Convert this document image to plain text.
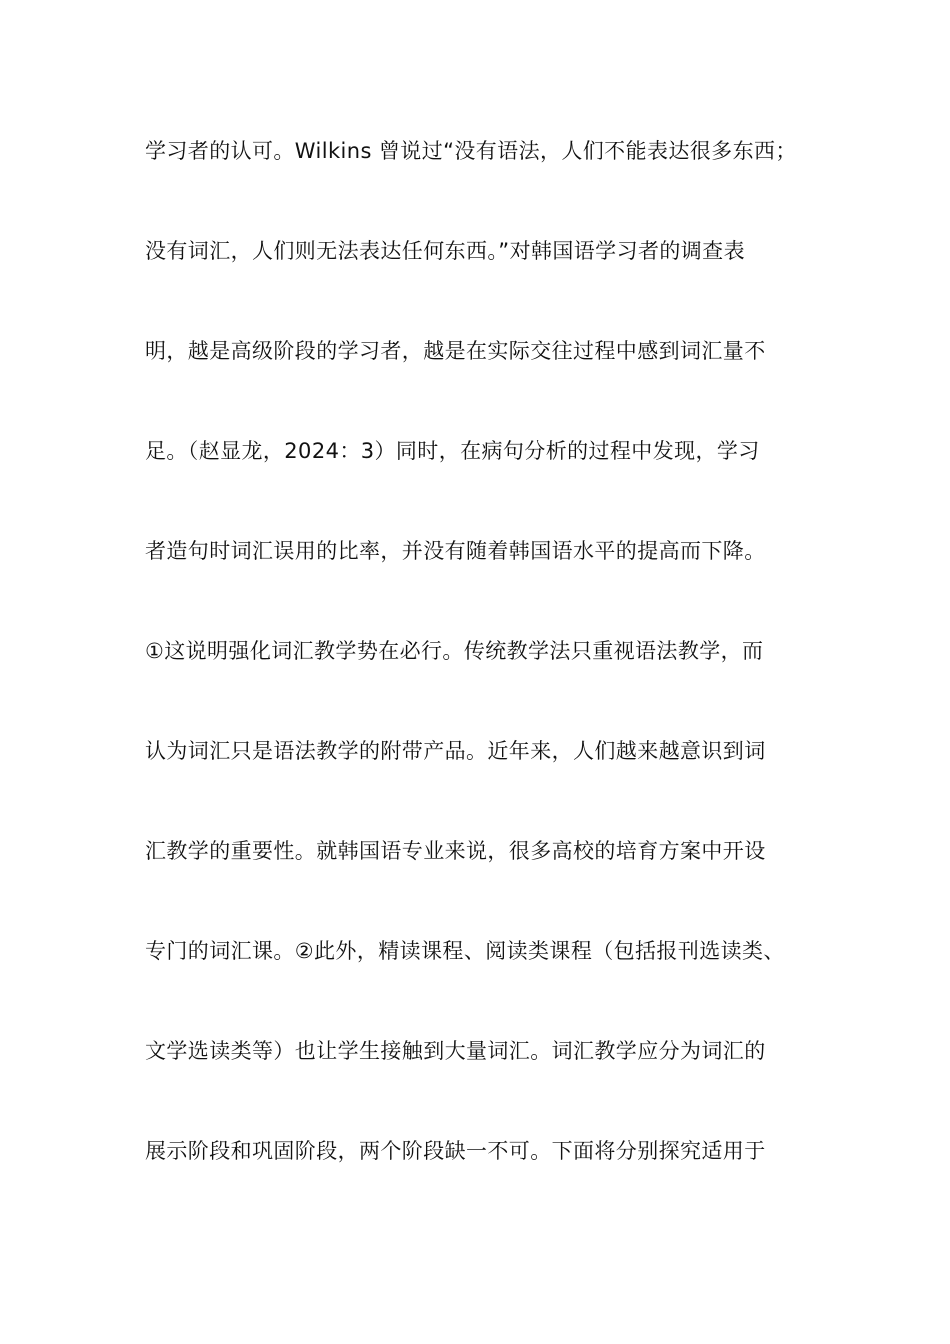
学习者的认可。Wilkins 曾说过“没有语法，人们不能表达很多东西；
没有词汇，人们则无法表达任何东西。”对韩国语学习者的调查表
明，越是高级阶段的学习者，越是在实际交往过程中感到词汇量不
足。（赵显龙，2024：3）同时，在病句分析的过程中发现，学习
者造句时词汇误用的比率，并没有随着韩国语水平的提高而下降。
①这说明强化词汇教学势在必行。传统教学法只重视语法教学，而
认为词汇只是语法教学的附带产品。近年来，人们越来越意识到词
汇教学的重要性。就韩国语专业来说，很多高校的培育方案中开设
专门的词汇课。②此外，精读课程、阅读类课程（包括报刊选读类、
文学选读类等）也让学生接触到大量词汇。词汇教学应分为词汇的
展示阶段和巩固阶段，两个阶段缺一不可。下面将分别探究适用于
